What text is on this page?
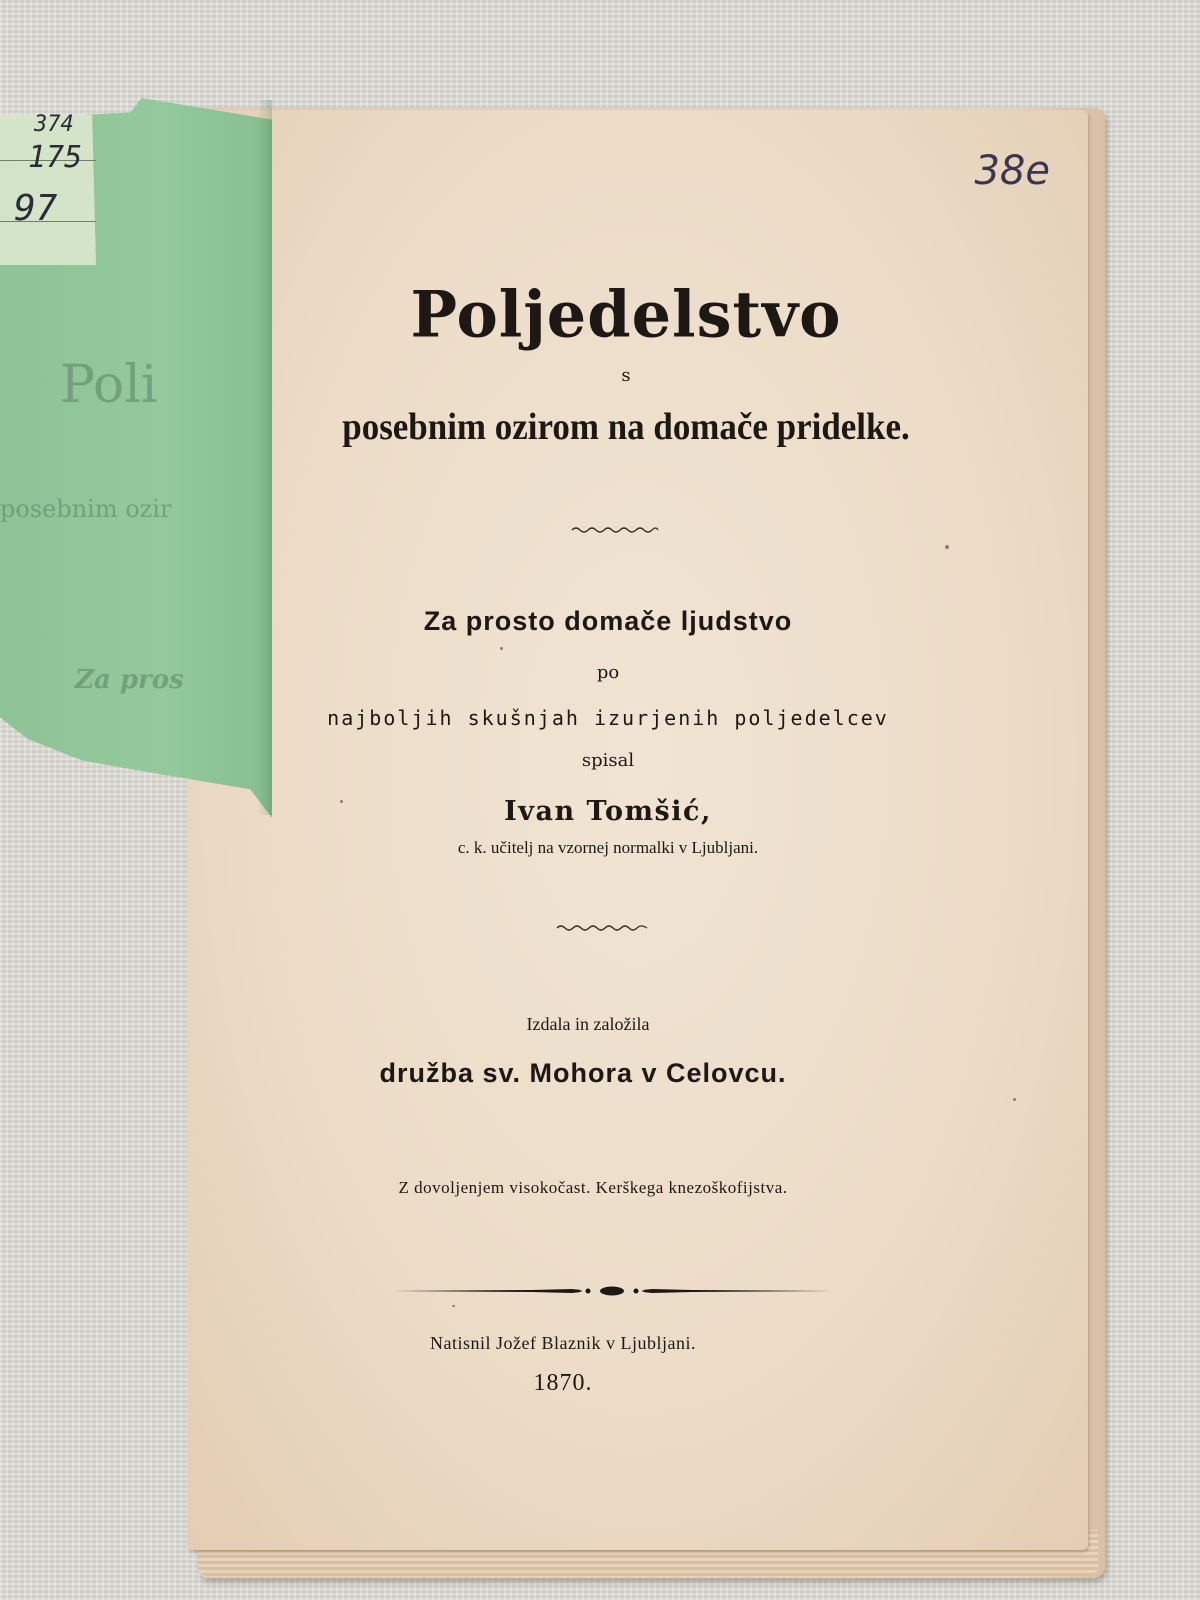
Poli
posebnim ozir
Za pros
374
175
97
38e
Poljedelstvo
s
posebnim ozirom na domače pridelke.
Za prosto domače ljudstvo
po
najboljih skušnjah izurjenih poljedelcev
spisal
Ivan Tomšić,
c. k. učitelj na vzornej normalki v Ljubljani.
Izdala in založila
družba sv. Mohora v Celovcu.
Z dovoljenjem visokočast. Kerškega knezoškofijstva.
Natisnil Jožef Blaznik v Ljubljani.
1870.
